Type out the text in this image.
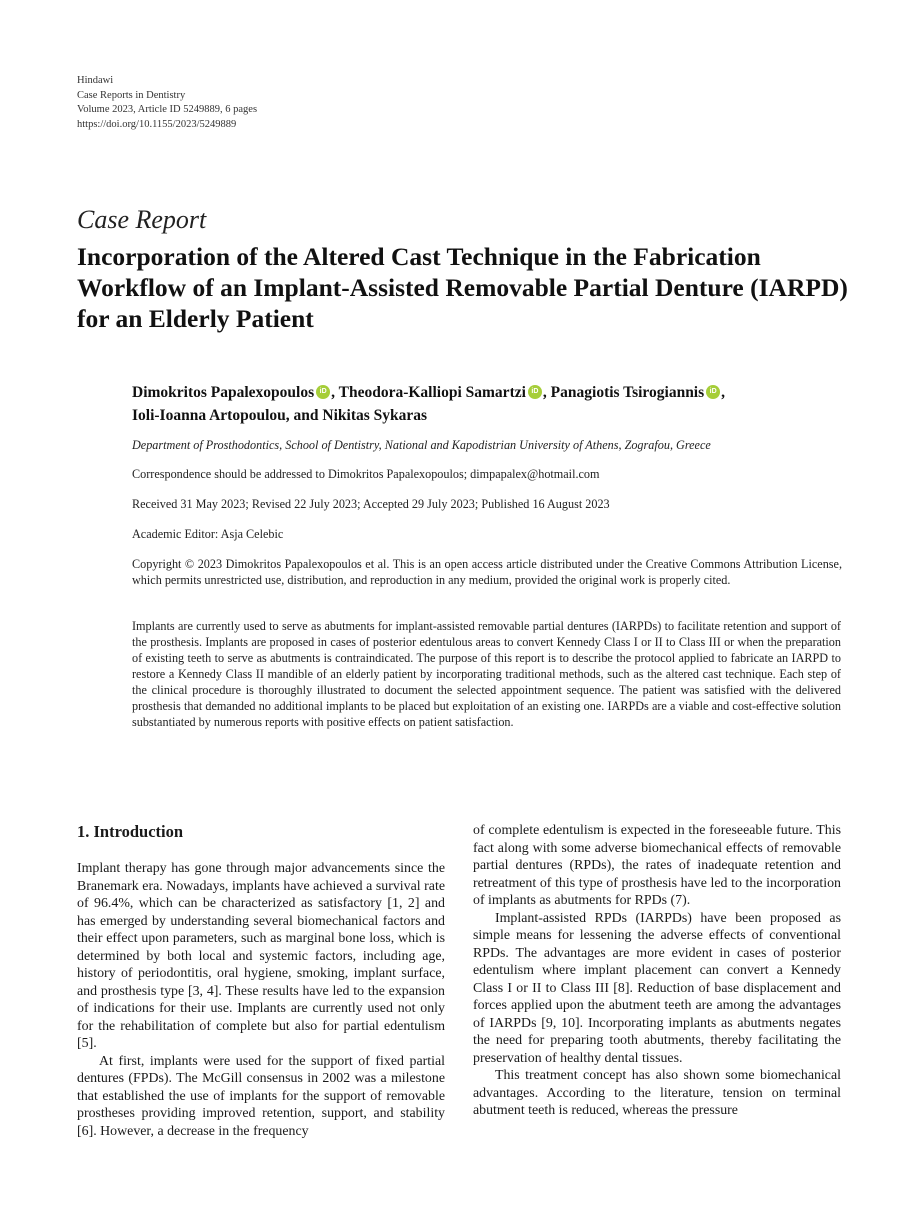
Hindawi
Case Reports in Dentistry
Volume 2023, Article ID 5249889, 6 pages
https://doi.org/10.1155/2023/5249889
Case Report
Incorporation of the Altered Cast Technique in the Fabrication Workflow of an Implant-Assisted Removable Partial Denture (IARPD) for an Elderly Patient
Dimokritos Papalexopoulos iD , Theodora-Kalliopi Samartzi iD , Panagiotis Tsirogiannis iD ,
Ioli-Ioanna Artopoulou, and Nikitas Sykaras
Department of Prosthodontics, School of Dentistry, National and Kapodistrian University of Athens, Zografou, Greece
Correspondence should be addressed to Dimokritos Papalexopoulos; dimpapalex@hotmail.com
Received 31 May 2023; Revised 22 July 2023; Accepted 29 July 2023; Published 16 August 2023
Academic Editor: Asja Celebic
Copyright © 2023 Dimokritos Papalexopoulos et al. This is an open access article distributed under the Creative Commons Attribution License, which permits unrestricted use, distribution, and reproduction in any medium, provided the original work is properly cited.

Implants are currently used to serve as abutments for implant-assisted removable partial dentures (IARPDs) to facilitate retention and support of the prosthesis. Implants are proposed in cases of posterior edentulous areas to convert Kennedy Class I or II to Class III or when the preparation of existing teeth to serve as abutments is contraindicated. The purpose of this report is to describe the protocol applied to fabricate an IARPD to restore a Kennedy Class II mandible of an elderly patient by incorporating traditional methods, such as the altered cast technique. Each step of the clinical procedure is thoroughly illustrated to document the selected appointment sequence. The patient was satisfied with the delivered prosthesis that demanded no additional implants to be placed but exploitation of an existing one. IARPDs are a viable and cost-effective solution substantiated by numerous reports with positive effects on patient satisfaction.

1. Introduction

Implant therapy has gone through major advancements since the Branemark era. Nowadays, implants have achieved a survival rate of 96.4%, which can be characterized as satisfactory [1, 2] and has emerged by understanding several biomechanical factors and their effect upon parameters, such as marginal bone loss, which is determined by both local and systemic factors, including age, history of periodontitis, oral hygiene, smoking, implant surface, and prosthesis type [3, 4]. These results have led to the expansion of indications for their use. Implants are currently used not only for the rehabilitation of complete but also for partial edentulism [5].

At first, implants were used for the support of fixed partial dentures (FPDs). The McGill consensus in 2002 was a milestone that established the use of implants for the support of removable prostheses providing improved retention, support, and stability [6]. However, a decrease in the frequency

of complete edentulism is expected in the foreseeable future. This fact along with some adverse biomechanical effects of removable partial dentures (RPDs), the rates of inadequate retention and retreatment of this type of prosthesis have led to the incorporation of implants as abutments for RPDs (7).

Implant-assisted RPDs (IARPDs) have been proposed as simple means for lessening the adverse effects of conventional RPDs. The advantages are more evident in cases of posterior edentulism where implant placement can convert a Kennedy Class I or II to Class III [8]. Reduction of base displacement and forces applied upon the abutment teeth are among the advantages of IARPDs [9, 10]. Incorporating implants as abutments negates the need for preparing tooth abutments, thereby facilitating the preservation of healthy dental tissues.

This treatment concept has also shown some biomechanical advantages. According to the literature, tension on terminal abutment teeth is reduced, whereas the pressure
